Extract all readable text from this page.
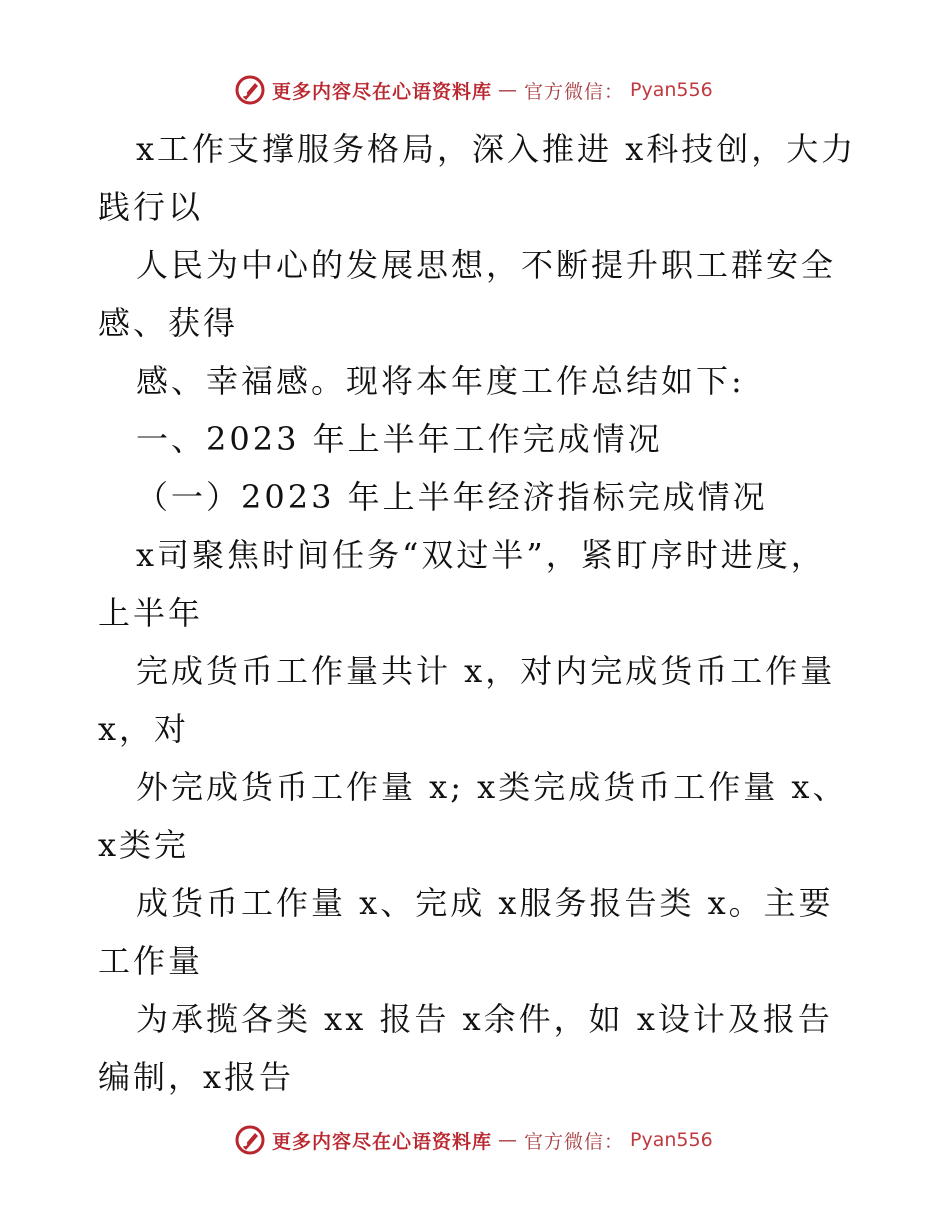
更多内容尽在心语资料库 — 官方微信： Pyan556
x工作支撑服务格局，深入推进 x科技创，大力
践行以
人民为中心的发展思想，不断提升职工群安全
感、获得
感、幸福感。现将本年度工作总结如下:
一、2023 年上半年工作完成情况
（一）2023 年上半年经济指标完成情况
x司聚焦时间任务“双过半”，紧盯序时进度，
上半年
完成货币工作量共计 x，对内完成货币工作量
x，对
外完成货币工作量 x; x类完成货币工作量 x、
x类完
成货币工作量 x、完成 x服务报告类 x。主要
工作量
为承揽各类 xx 报告 x余件，如 x设计及报告
编制，x报告
更多内容尽在心语资料库 — 官方微信： Pyan556
